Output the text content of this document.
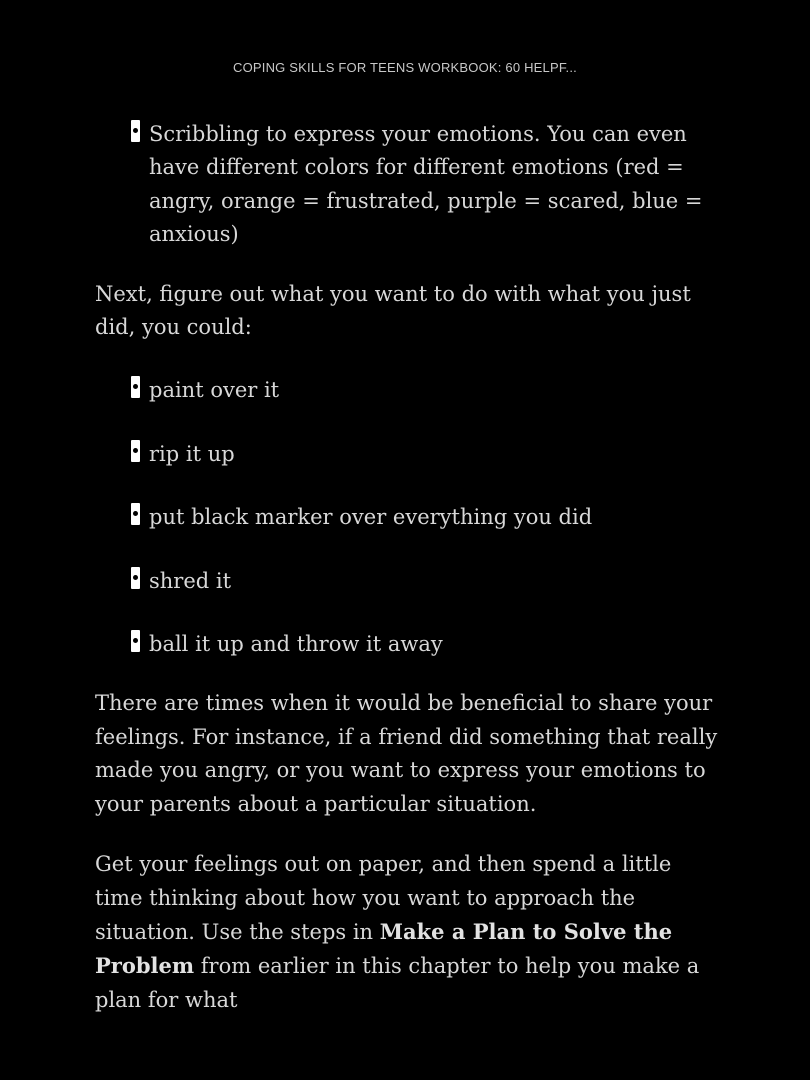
COPING SKILLS FOR TEENS WORKBOOK: 60 HELPF...
Scribbling to express your emotions. You can even have different colors for different emotions (red = angry, orange = frustrated, purple = scared, blue = anxious)

Next, figure out what you want to do with what you just did, you could:

paint over it
rip it up
put black marker over everything you did
shred it
ball it up and throw it away

There are times when it would be beneficial to share your feelings. For instance, if a friend did something that really made you angry, or you want to express your emotions to your parents about a particular situation.

Get your feelings out on paper, and then spend a little time thinking about how you want to approach the situation. Use the steps in Make a Plan to Solve the Problem from earlier in this chapter to help you make a plan for what
